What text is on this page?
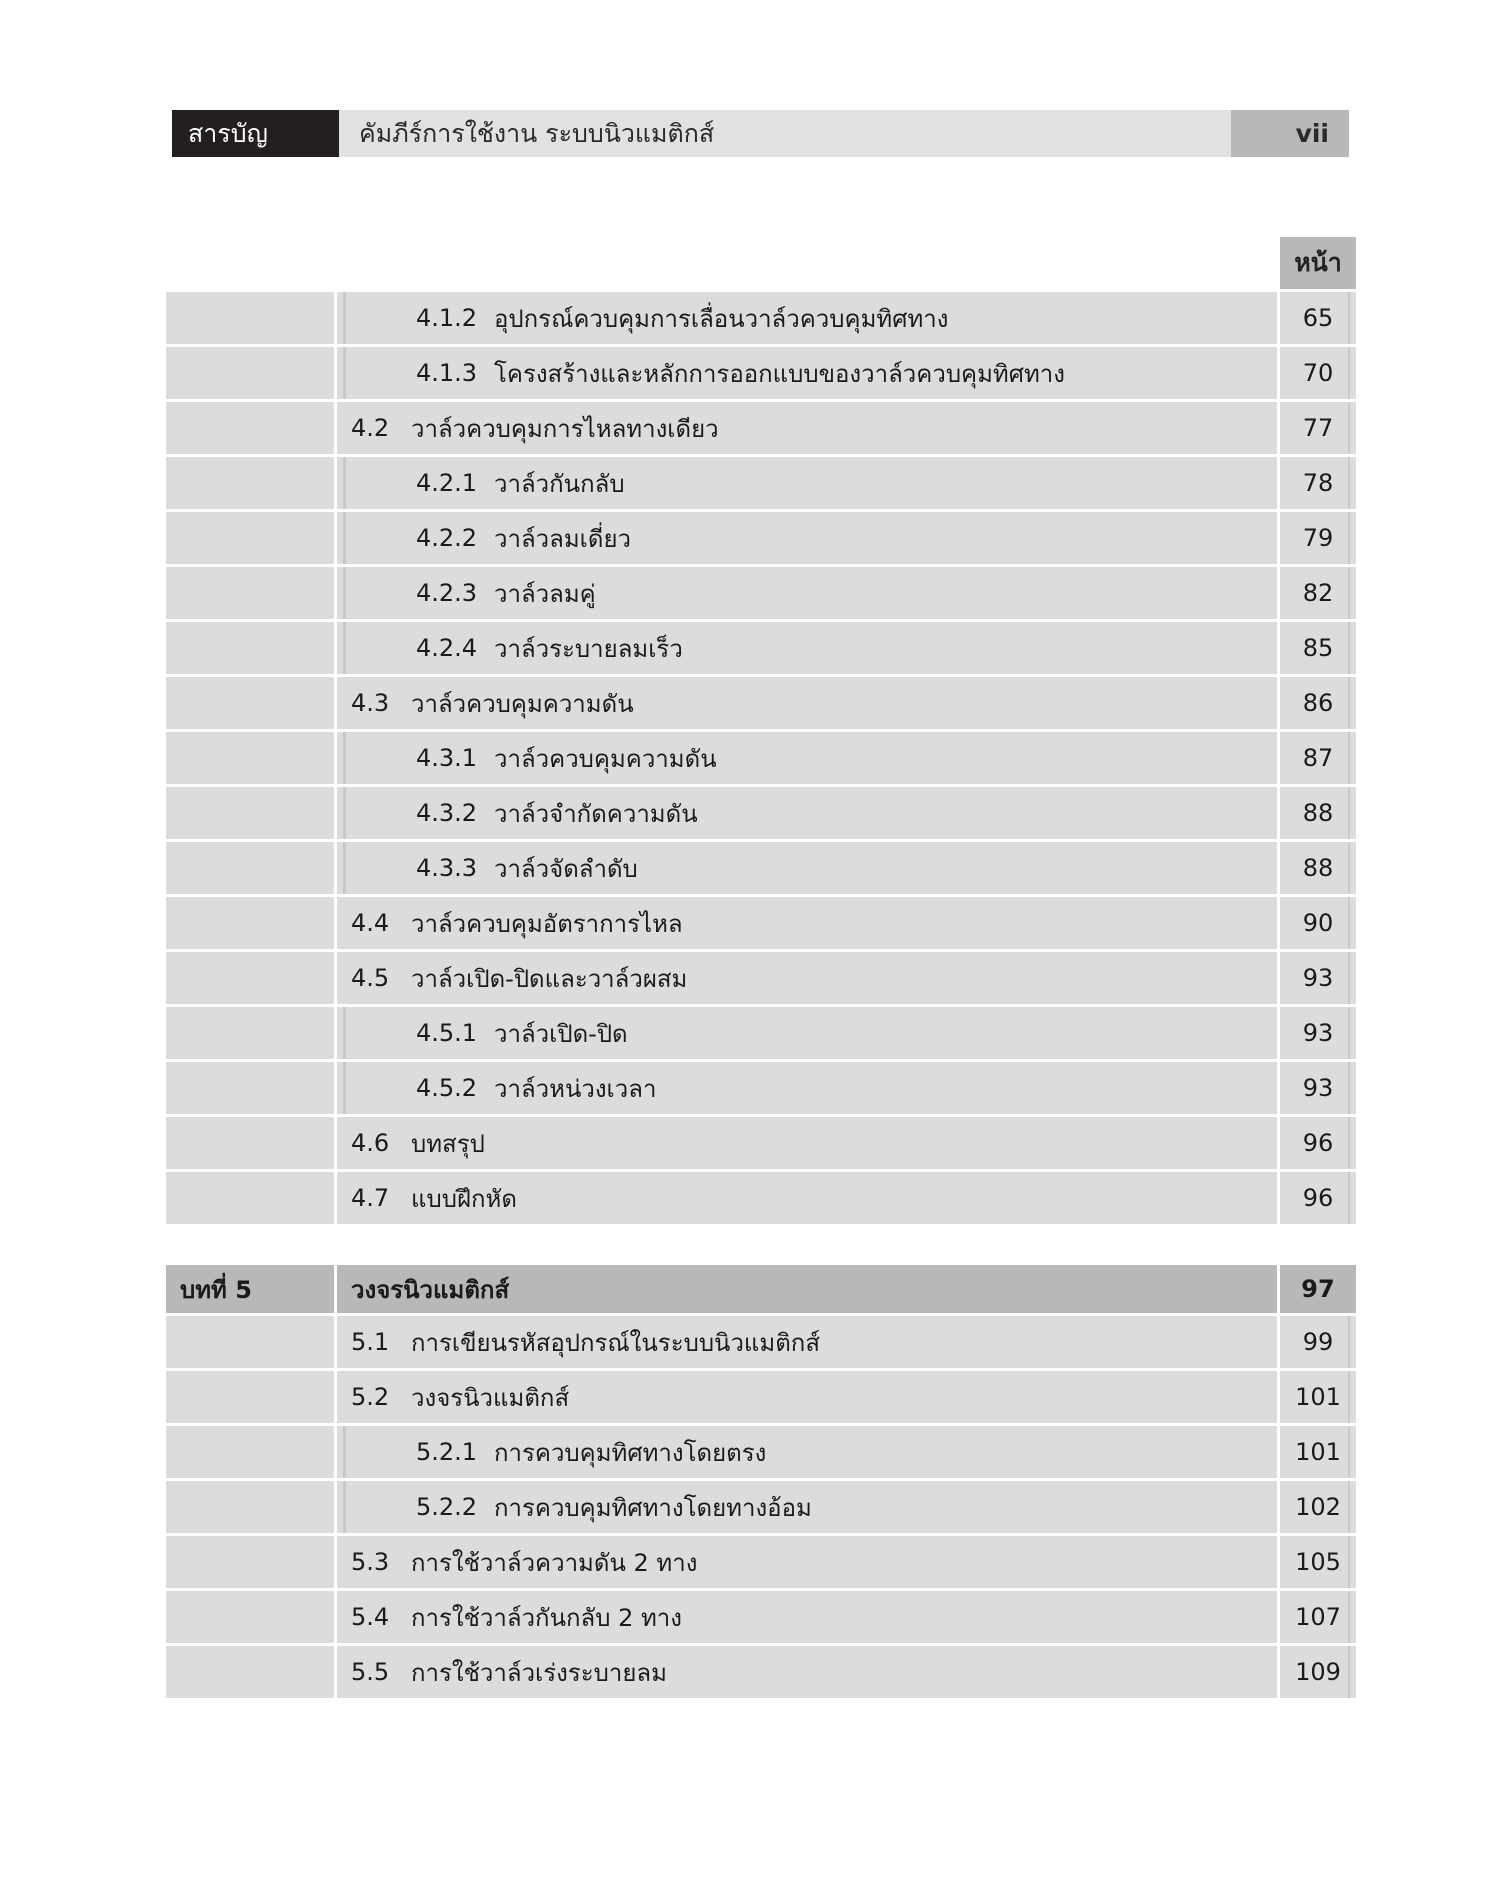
สารบัญ	คัมภีร์การใช้งาน ระบบนิวแมติกส์	vii
หน้า
4.1.2 อุปกรณ์ควบคุมการเลื่อนวาล์วควบคุมทิศทาง	65
4.1.3 โครงสร้างและหลักการออกแบบของวาล์วควบคุมทิศทาง	70
4.2 วาล์วควบคุมการไหลทางเดียว	77
4.2.1 วาล์วกันกลับ	78
4.2.2 วาล์วลมเดี่ยว	79
4.2.3 วาล์วลมคู่	82
4.2.4 วาล์วระบายลมเร็ว	85
4.3 วาล์วควบคุมความดัน	86
4.3.1 วาล์วควบคุมความดัน	87
4.3.2 วาล์วจำกัดความดัน	88
4.3.3 วาล์วจัดลำดับ	88
4.4 วาล์วควบคุมอัตราการไหล	90
4.5 วาล์วเปิด-ปิดและวาล์วผสม	93
4.5.1 วาล์วเปิด-ปิด	93
4.5.2 วาล์วหน่วงเวลา	93
4.6 บทสรุป	96
4.7 แบบฝึกหัด	96
บทที่ 5	วงจรนิวแมติกส์	97
5.1 การเขียนรหัสอุปกรณ์ในระบบนิวแมติกส์	99
5.2 วงจรนิวแมติกส์	101
5.2.1 การควบคุมทิศทางโดยตรง	101
5.2.2 การควบคุมทิศทางโดยทางอ้อม	102
5.3 การใช้วาล์วความดัน 2 ทาง	105
5.4 การใช้วาล์วกันกลับ 2 ทาง	107
5.5 การใช้วาล์วเร่งระบายลม	109
